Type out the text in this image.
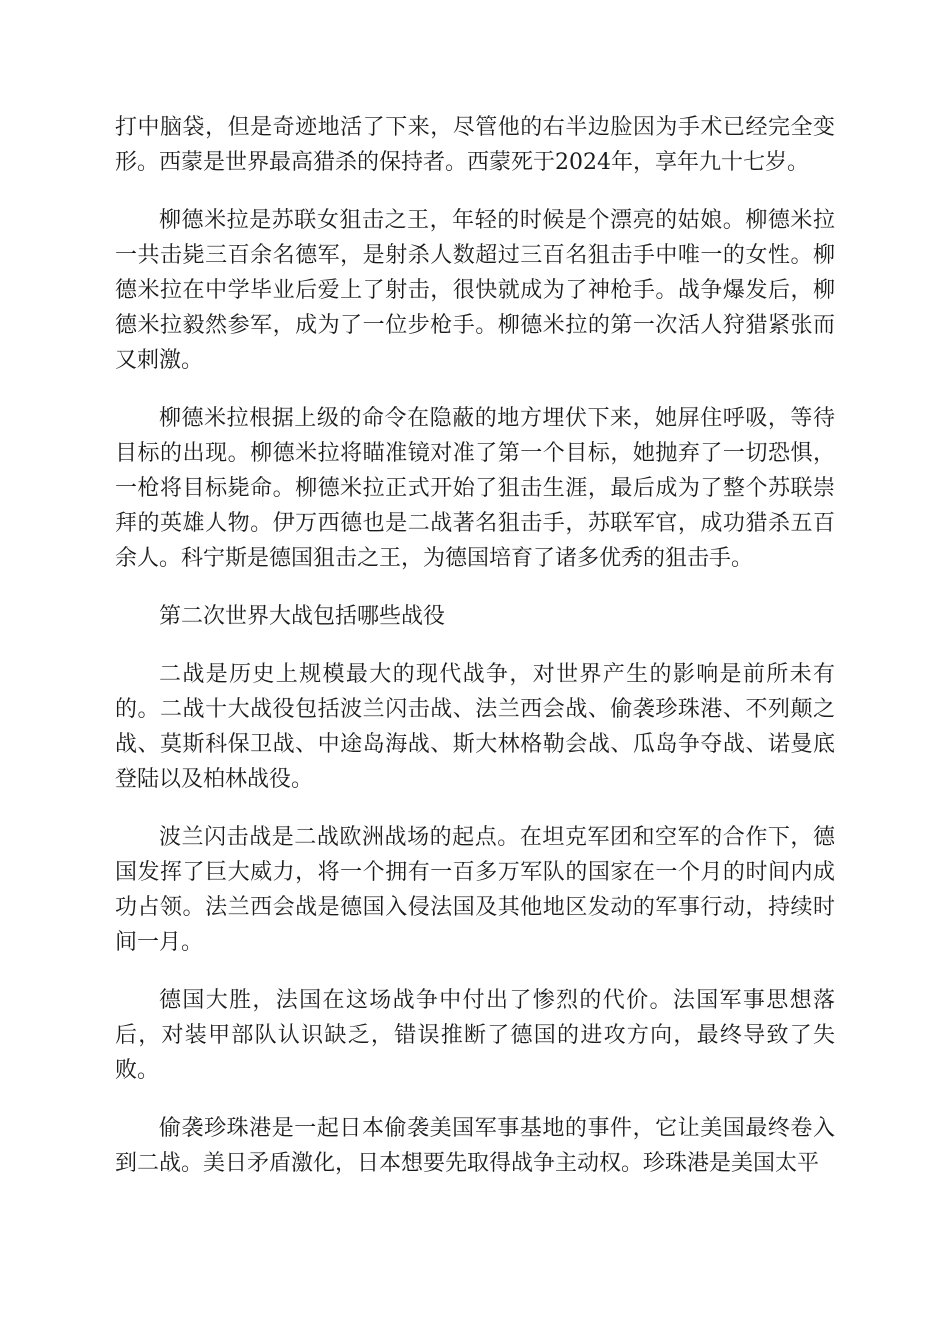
打中脑袋，但是奇迹地活了下来，尽管他的右半边脸因为手术已经完全变形。西蒙是世界最高猎杀的保持者。西蒙死于2024年，享年九十七岁。

柳德米拉是苏联女狙击之王，年轻的时候是个漂亮的姑娘。柳德米拉一共击毙三百余名德军，是射杀人数超过三百名狙击手中唯一的女性。柳德米拉在中学毕业后爱上了射击，很快就成为了神枪手。战争爆发后，柳德米拉毅然参军，成为了一位步枪手。柳德米拉的第一次活人狩猎紧张而又刺激。

柳德米拉根据上级的命令在隐蔽的地方埋伏下来，她屏住呼吸，等待目标的出现。柳德米拉将瞄准镜对准了第一个目标，她抛弃了一切恐惧，一枪将目标毙命。柳德米拉正式开始了狙击生涯，最后成为了整个苏联崇拜的英雄人物。伊万西德也是二战著名狙击手，苏联军官，成功猎杀五百余人。科宁斯是德国狙击之王，为德国培育了诸多优秀的狙击手。

第二次世界大战包括哪些战役

二战是历史上规模最大的现代战争，对世界产生的影响是前所未有的。二战十大战役包括波兰闪击战、法兰西会战、偷袭珍珠港、不列颠之战、莫斯科保卫战、中途岛海战、斯大林格勒会战、瓜岛争夺战、诺曼底登陆以及柏林战役。

波兰闪击战是二战欧洲战场的起点。在坦克军团和空军的合作下，德国发挥了巨大威力，将一个拥有一百多万军队的国家在一个月的时间内成功占领。法兰西会战是德国入侵法国及其他地区发动的军事行动，持续时间一月。

德国大胜，法国在这场战争中付出了惨烈的代价。法国军事思想落后，对装甲部队认识缺乏，错误推断了德国的进攻方向，最终导致了失败。

偷袭珍珠港是一起日本偷袭美国军事基地的事件，它让美国最终卷入到二战。美日矛盾激化，日本想要先取得战争主动权。珍珠港是美国太平
